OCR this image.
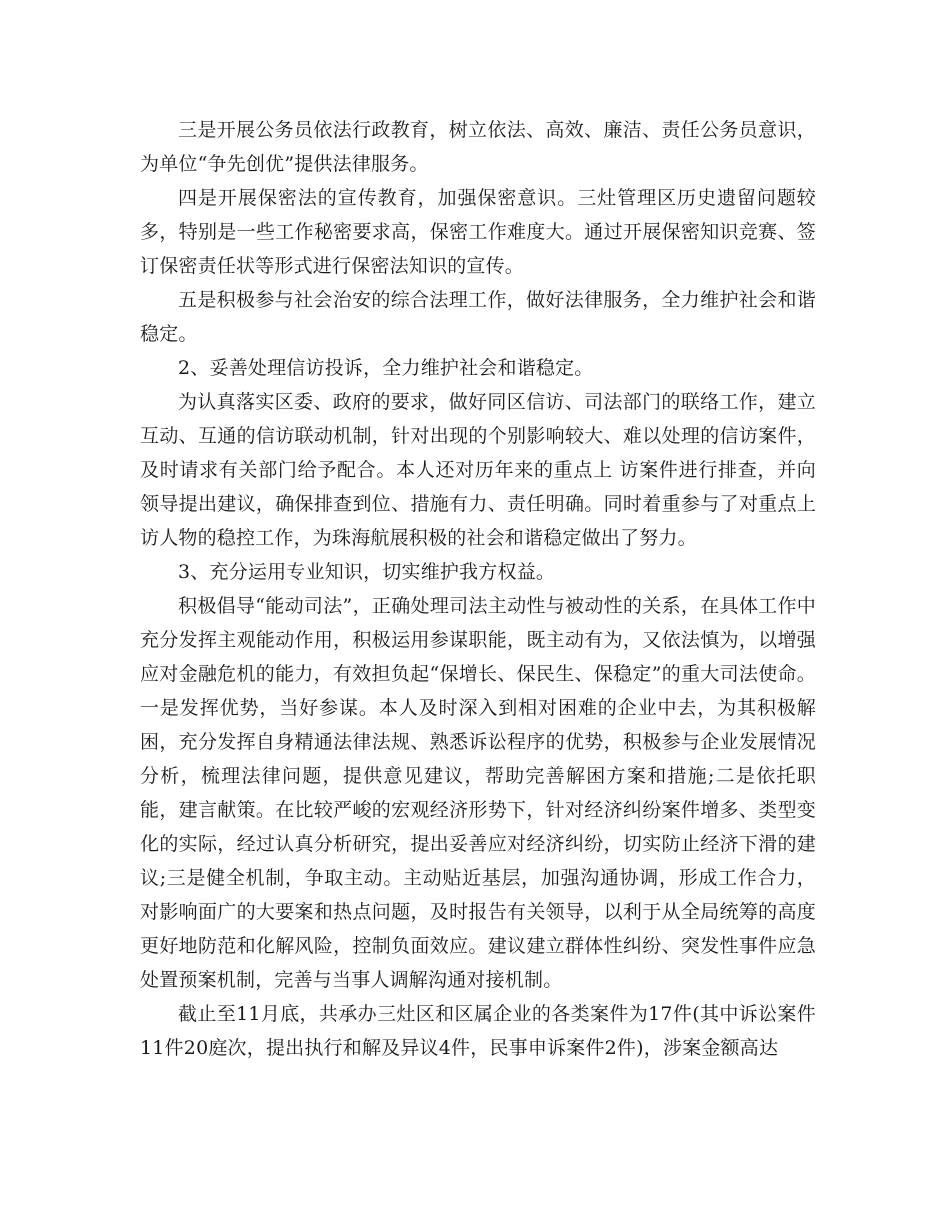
三是开展公务员依法行政教育，树立依法、高效、廉洁、责任公务员意识，为单位“争先创优”提供法律服务。

四是开展保密法的宣传教育，加强保密意识。三灶管理区历史遗留问题较多，特别是一些工作秘密要求高，保密工作难度大。通过开展保密知识竞赛、签订保密责任状等形式进行保密法知识的宣传。

五是积极参与社会治安的综合法理工作，做好法律服务，全力维护社会和谐稳定。

2、妥善处理信访投诉，全力维护社会和谐稳定。

为认真落实区委、政府的要求，做好同区信访、司法部门的联络工作，建立互动、互通的信访联动机制，针对出现的个别影响较大、难以处理的信访案件，及时请求有关部门给予配合。本人还对历年来的重点上 访案件进行排查，并向领导提出建议，确保排查到位、措施有力、责任明确。同时着重参与了对重点上 访人物的稳控工作，为珠海航展积极的社会和谐稳定做出了努力。

3、充分运用专业知识，切实维护我方权益。

积极倡导“能动司法”，正确处理司法主动性与被动性的关系，在具体工作中充分发挥主观能动作用，积极运用参谋职能，既主动有为，又依法慎为，以增强应对金融危机的能力，有效担负起“保增长、保民生、保稳定”的重大司法使命。一是发挥优势，当好参谋。本人及时深入到相对困难的企业中去，为其积极解困，充分发挥自身精通法律法规、熟悉诉讼程序的优势，积极参与企业发展情况分析，梳理法律问题，提供意见建议，帮助完善解困方案和措施;二是依托职能，建言献策。在比较严峻的宏观经济形势下，针对经济纠纷案件增多、类型变化的实际，经过认真分析研究，提出妥善应对经济纠纷，切实防止经济下滑的建议;三是健全机制，争取主动。主动贴近基层，加强沟通协调，形成工作合力，对影响面广的大要案和热点问题，及时报告有关领导，以利于从全局统筹的高度更好地防范和化解风险，控制负面效应。建议建立群体性纠纷、突发性事件应急处置预案机制，完善与当事人调解沟通对接机制。

截止至11月底，共承办三灶区和区属企业的各类案件为17件(其中诉讼案件11件20庭次，提出执行和解及异议4件，民事申诉案件2件)，涉案金额高达
